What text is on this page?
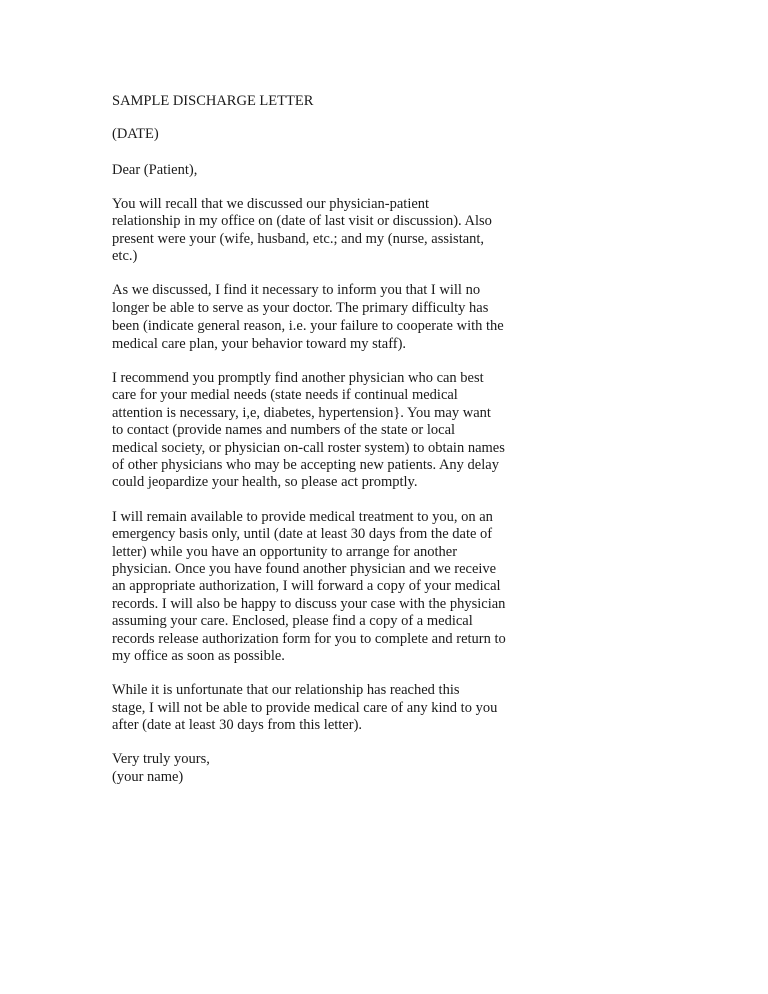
SAMPLE DISCHARGE LETTER
(DATE)
Dear (Patient),
You will recall that we discussed our physician-patient
relationship in my office on (date of last visit or discussion). Also
present were your (wife, husband, etc.; and my (nurse, assistant,
etc.)
As we discussed, I find it necessary to inform you that I will no
longer be able to serve as your doctor. The primary difficulty has
been (indicate general reason, i.e. your failure to cooperate with the
medical care plan, your behavior toward my staff).
I recommend you promptly find another physician who can best
care for your medial needs (state needs if continual medical
attention is necessary, i,e, diabetes, hypertension}. You may want
to contact (provide names and numbers of the state or local
medical society, or physician on-call roster system) to obtain names
of other physicians who may be accepting new patients. Any delay
could jeopardize your health, so please act promptly.
I will remain available to provide medical treatment to you, on an
emergency basis only, until (date at least 30 days from the date of
letter) while you have an opportunity to arrange for another
physician. Once you have found another physician and we receive
an appropriate authorization, I will forward a copy of your medical
records. I will also be happy to discuss your case with the physician
assuming your care. Enclosed, please find a copy of a medical
records release authorization form for you to complete and return to
my office as soon as possible.
While it is unfortunate that our relationship has reached this
stage, I will not be able to provide medical care of any kind to you
after (date at least 30 days from this letter).
Very truly yours,
(your name)
